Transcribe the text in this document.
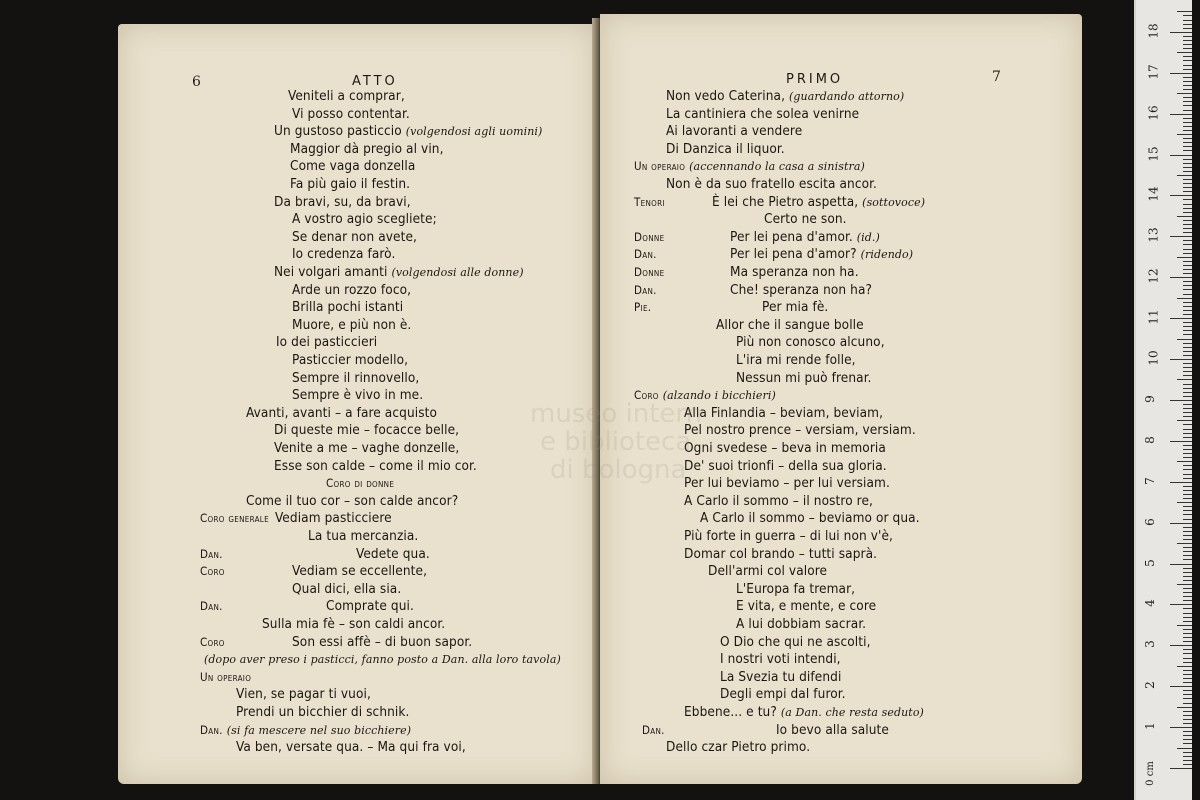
6	ATTO
Veniteli a comprar,
Vi posso contentar.
Un gustoso pasticcio (volgendosi agli uomini)
Maggior dà pregio al vin,
Come vaga donzella
Fa più gaio il festin.
Da bravi, su, da bravi,
A vostro agio scegliete;
Se denar non avete,
Io credenza farò.
Nei volgari amanti (volgendosi alle donne)
Arde un rozzo foco,
Brilla pochi istanti
Muore, e più non è.
Io dei pasticcieri
Pasticcier modello,
Sempre il rinnovello,
Sempre è vivo in me.
Avanti, avanti – a fare acquisto
Di queste mie – focacce belle,
Venite a me – vaghe donzelle,
Esse son calde – come il mio cor.
Coro di donne
Come il tuo cor – son calde ancor?
Coro generale Vediam pasticciere
La tua mercanzia.
Dan.	Vedete qua.
Coro	Vediam se eccellente,
Qual dici, ella sia.
Dan.	Comprate qui.
Sulla mia fè – son caldi ancor.
Coro	Son essi affè – di buon sapor.
(dopo aver preso i pasticci, fanno posto a Dan. alla loro tavola)
Un operaio
Vien, se pagar ti vuoi,
Prendi un bicchier di schnik.
Dan. (si fa mescere nel suo bicchiere)
Va ben, versate qua. – Ma qui fra voi,
PRIMO	7
Non vedo Caterina, (guardando attorno)
La cantiniera che solea venirne
Ai lavoranti a vendere
Di Danzica il liquor.
Un operaio (accennando la casa a sinistra)
Non è da suo fratello escita ancor.
Tenori	È lei che Pietro aspetta, (sottovoce)
Certo ne son.
Donne	Per lei pena d'amor. (id.)
Dan.	Per lei pena d'amor? (ridendo)
Donne	Ma speranza non ha.
Dan.	Che! speranza non ha?
Pie.	Per mia fè.
Allor che il sangue bolle
Più non conosco alcuno,
L'ira mi rende folle,
Nessun mi può frenar.
Coro (alzando i bicchieri)
Alla Finlandia – beviam, beviam,
Pel nostro prence – versiam, versiam.
Ogni svedese – beva in memoria
De' suoi trionfi – della sua gloria.
Per lui beviamo – per lui versiam.
A Carlo il sommo – il nostro re,
A Carlo il sommo – beviamo or qua.
Più forte in guerra – di lui non v'è,
Domar col brando – tutti saprà.
Dell'armi col valore
L'Europa fa tremar,
E vita, e mente, e core
A lui dobbiam sacrar.
O Dio che qui ne ascolti,
I nostri voti intendi,
La Svezia tu difendi
Degli empi dal furor.
Ebbene... e tu? (a Dan. che resta seduto)
Dan.	Io bevo alla salute
Dello czar Pietro primo.
0 cm
1
2
3
4
5
6
7
8
9
10
11
12
13
14
15
16
17
18
